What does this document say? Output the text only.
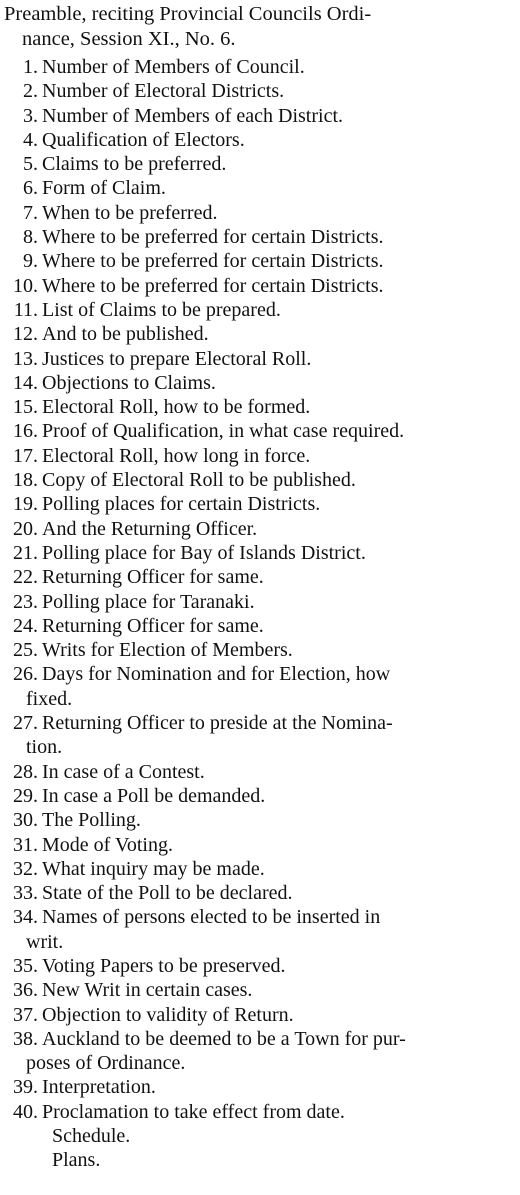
Preamble, reciting Provincial Councils Ordi-
nance, Session XI., No. 6.
1. Number of Members of Council.
2. Number of Electoral Districts.
3. Number of Members of each District.
4. Qualification of Electors.
5. Claims to be preferred.
6. Form of Claim.
7. When to be preferred.
8. Where to be preferred for certain Districts.
9. Where to be preferred for certain Districts.
10. Where to be preferred for certain Districts.
11. List of Claims to be prepared.
12. And to be published.
13. Justices to prepare Electoral Roll.
14. Objections to Claims.
15. Electoral Roll, how to be formed.
16. Proof of Qualification, in what case required.
17. Electoral Roll, how long in force.
18. Copy of Electoral Roll to be published.
19. Polling places for certain Districts.
20. And the Returning Officer.
21. Polling place for Bay of Islands District.
22. Returning Officer for same.
23. Polling place for Taranaki.
24. Returning Officer for same.
25. Writs for Election of Members.
26. Days for Nomination and for Election, how
fixed.
27. Returning Officer to preside at the Nomina-
tion.
28. In case of a Contest.
29. In case a Poll be demanded.
30. The Polling.
31. Mode of Voting.
32. What inquiry may be made.
33. State of the Poll to be declared.
34. Names of persons elected to be inserted in
writ.
35. Voting Papers to be preserved.
36. New Writ in certain cases.
37. Objection to validity of Return.
38. Auckland to be deemed to be a Town for pur-
poses of Ordinance.
39. Interpretation.
40. Proclamation to take effect from date.
Schedule.
Plans.
